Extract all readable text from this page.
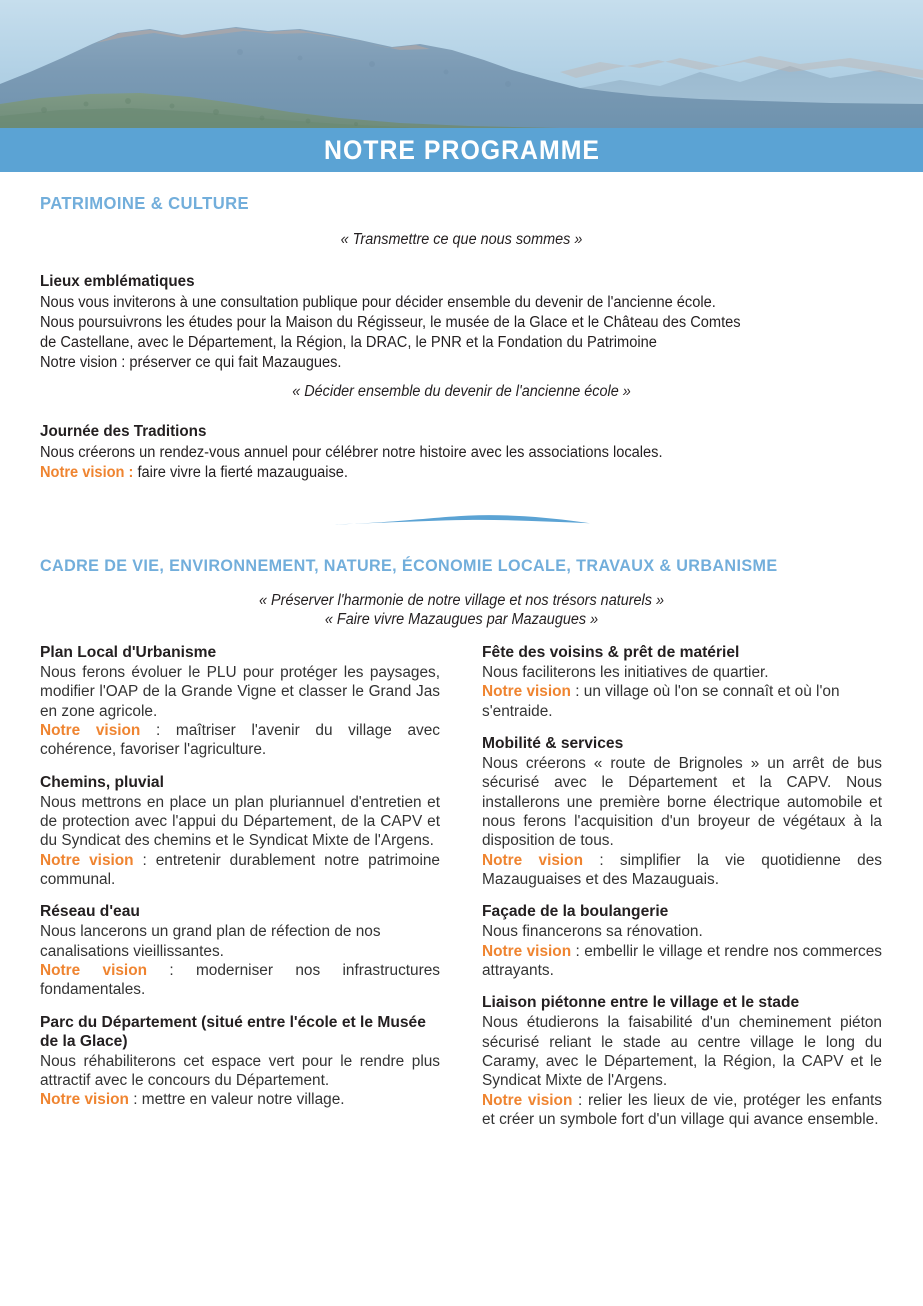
NOTRE PROGRAMME
PATRIMOINE & CULTURE
« Transmettre ce que nous sommes »
Lieux emblématiques
Nous vous inviterons à une consultation publique pour décider ensemble du devenir de l'ancienne école.
Nous poursuivrons les études pour la Maison du Régisseur, le musée de la Glace et le Château des Comtes
de Castellane, avec le Département, la Région, la DRAC, le PNR et la Fondation du Patrimoine
Notre vision : préserver ce qui fait Mazaugues.
« Décider ensemble du devenir de l'ancienne école »
Journée des Traditions
Nous créerons un rendez-vous annuel pour célébrer notre histoire avec les associations locales.
Notre vision : faire vivre la fierté mazauguaise.
CADRE DE VIE, ENVIRONNEMENT, NATURE, ÉCONOMIE LOCALE, TRAVAUX & URBANISME
« Préserver l'harmonie de notre village et nos trésors naturels »
« Faire vivre Mazaugues par Mazaugues »
Plan Local d'Urbanisme

Nous ferons évoluer le PLU pour protéger les paysages, modifier l'OAP de la Grande Vigne et classer le Grand Jas en zone agricole.

Notre vision : maîtriser l'avenir du village avec cohérence, favoriser l'agriculture.

Chemins, pluvial

Nous mettrons en place un plan pluriannuel d'entretien et de protection avec l'appui du Département, de la CAPV et du Syndicat des chemins et le Syndicat Mixte de l'Argens.

Notre vision : entretenir durablement notre patrimoine communal.

Réseau d'eau

Nous lancerons un grand plan de réfection de nos canalisations vieillissantes.

Notre vision : moderniser nos infrastructures fondamentales.

Parc du Département (situé entre l'école et le Musée de la Glace)

Nous réhabiliterons cet espace vert pour le rendre plus attractif avec le concours du Département.

Notre vision : mettre en valeur notre village.

Fête des voisins & prêt de matériel

Nous faciliterons les initiatives de quartier.

Notre vision : un village où l'on se connaît et où l'on s'entraide.

Mobilité & services

Nous créerons « route de Brignoles » un arrêt de bus sécurisé avec le Département et la CAPV. Nous installerons une première borne électrique automobile et nous ferons l'acquisition d'un broyeur de végétaux à la disposition de tous.

Notre vision : simplifier la vie quotidienne des Mazauguaises et des Mazauguais.

Façade de la boulangerie

Nous financerons sa rénovation.

Notre vision : embellir le village et rendre nos commerces attrayants.

Liaison piétonne entre le village et le stade

Nous étudierons la faisabilité d'un cheminement piéton sécurisé reliant le stade au centre village le long du Caramy, avec le Département, la Région, la CAPV et le Syndicat Mixte de l'Argens.

Notre vision : relier les lieux de vie, protéger les enfants et créer un symbole fort d'un village qui avance ensemble.
